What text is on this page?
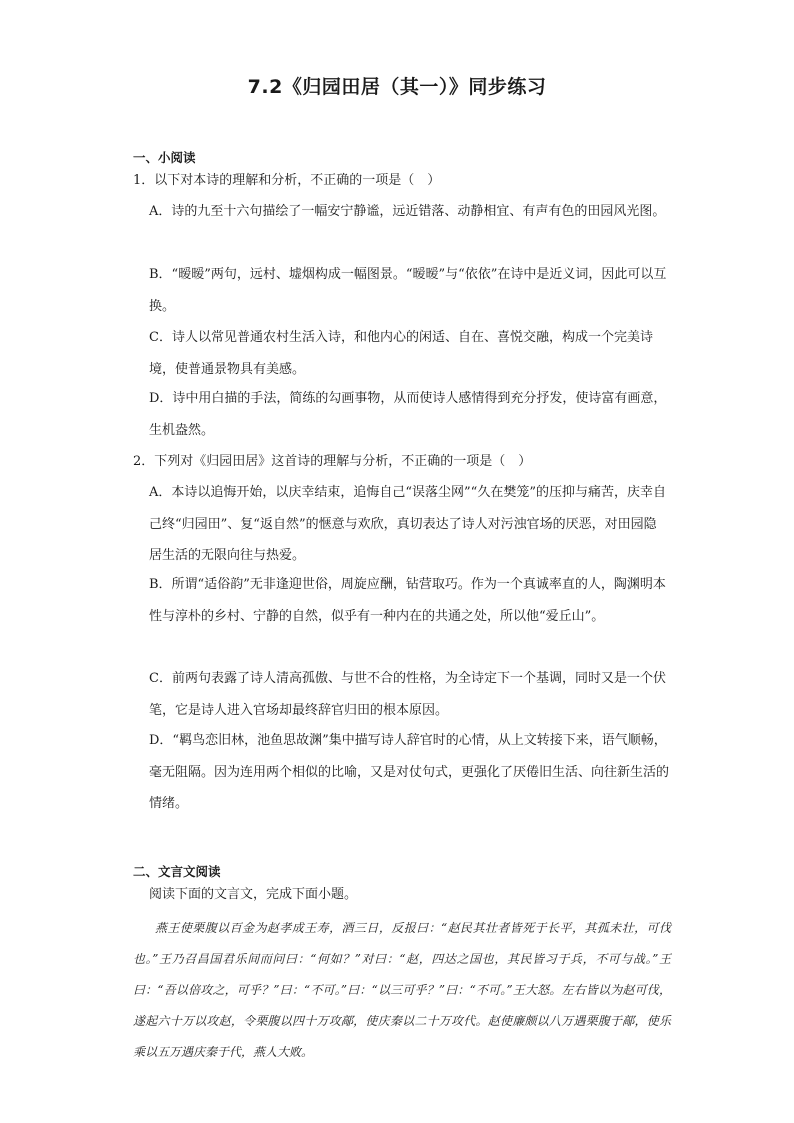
7.2《归园田居（其一）》同步练习
一、小阅读
1．以下对本诗的理解和分析，不正确的一项是（　）
A．诗的九至十六句描绘了一幅安宁静谧，远近错落、动静相宜、有声有色的田园风光图。
B．“暧暧”两句，远村、墟烟构成一幅图景。“暧暧”与“依依”在诗中是近义词，因此可以互换。
C．诗人以常见普通农村生活入诗，和他内心的闲适、自在、喜悦交融，构成一个完美诗境，使普通景物具有美感。
D．诗中用白描的手法，简练的勾画事物，从而使诗人感情得到充分抒发，使诗富有画意，生机盎然。
2．下列对《归园田居》这首诗的理解与分析，不正确的一项是（　）
A．本诗以追悔开始，以庆幸结束，追悔自己“误落尘网”“久在樊笼”的压抑与痛苦，庆幸自己终“归园田”、复“返自然”的惬意与欢欣，真切表达了诗人对污浊官场的厌恶，对田园隐居生活的无限向往与热爱。
B．所谓“适俗韵”无非逢迎世俗，周旋应酬，钻营取巧。作为一个真诚率直的人，陶渊明本性与淳朴的乡村、宁静的自然，似乎有一种内在的共通之处，所以他“爱丘山”。
C．前两句表露了诗人清高孤傲、与世不合的性格，为全诗定下一个基调，同时又是一个伏笔，它是诗人进入官场却最终辞官归田的根本原因。
D．“羁鸟恋旧林，池鱼思故渊”集中描写诗人辞官时的心情，从上文转接下来，语气顺畅，毫无阻隔。因为连用两个相似的比喻，又是对仗句式，更强化了厌倦旧生活、向往新生活的情绪。
二、文言文阅读
阅读下面的文言文，完成下面小题。
燕王使栗腹以百金为赵孝成王寿，酒三日，反报曰：“赵民其壮者皆死于长平，其孤未壮，可伐也。”王乃召昌国君乐间而问曰：“何如？”对曰：“赵，四达之国也，其民皆习于兵，不可与战。”王曰：“吾以倍攻之，可乎？”曰：“不可。”曰：“以三可乎？”曰：“不可。”王大怒。左右皆以为赵可伐，遂起六十万以攻赵，令栗腹以四十万攻鄗，使庆秦以二十万攻代。赵使廉颇以八万遇栗腹于鄗，使乐乘以五万遇庆秦于代，燕人大败。
